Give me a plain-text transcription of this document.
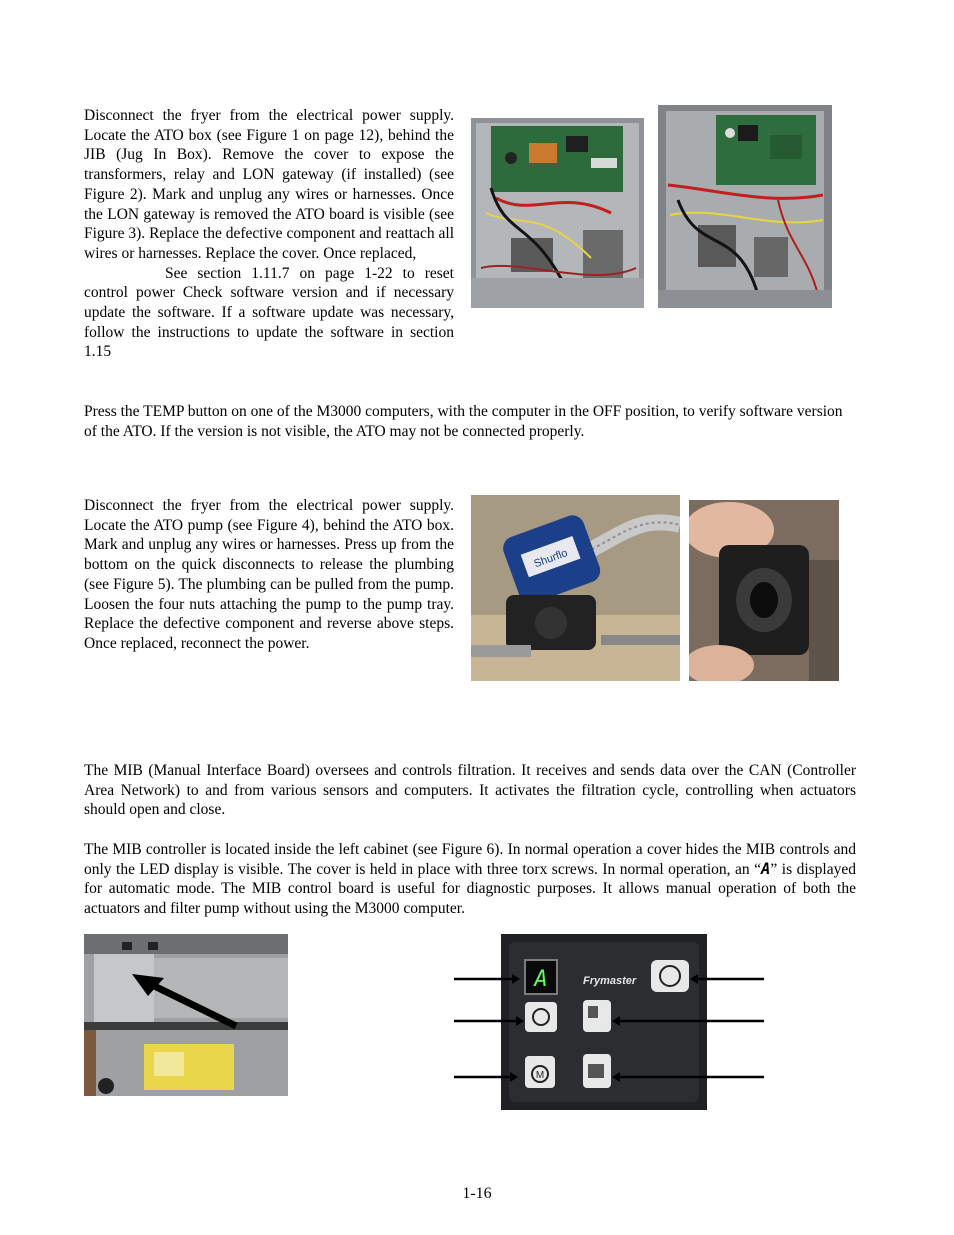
Disconnect the fryer from the electrical power supply. Locate the ATO box (see Figure 1 on page 12), behind the JIB (Jug In Box). Remove the cover to expose the transformers, relay and LON gateway (if installed) (see Figure 2). Mark and unplug any wires or harnesses. Once the LON gateway is removed the ATO board is visible (see Figure 3). Replace the defective component and reattach all wires or harnesses. Replace the cover. Once replaced,

See section 1.11.7 on page 1-22 to reset control power Check software version and if necessary update the software. If a software update was necessary, follow the instructions to update the software in section 1.15

Press the TEMP button on one of the M3000 computers, with the computer in the OFF position, to verify software version of the ATO. If the version is not visible, the ATO may not be connected properly.
Disconnect the fryer from the electrical power supply. Locate the ATO pump (see Figure 4), behind the ATO box. Mark and unplug any wires or harnesses. Press up from the bottom on the quick disconnects to release the plumbing (see Figure 5). The plumbing can be pulled from the pump. Loosen the four nuts attaching the pump to the pump tray. Replace the defective component and reverse above steps. Once replaced, reconnect the power.
Shurflo
The MIB (Manual Interface Board) oversees and controls filtration. It receives and sends data over the CAN (Controller Area Network) to and from various sensors and computers. It activates the filtration cycle, controlling when actuators should open and close.
The MIB controller is located inside the left cabinet (see Figure 6). In normal operation a cover hides the MIB controls and only the LED display is visible. The cover is held in place with three torx screws. In normal operation, an “A” is displayed for automatic mode. The MIB control board is useful for diagnostic purposes. It allows manual operation of both the actuators and filter pump without using the M3000 computer.
A	Frymaster
M
1-16
